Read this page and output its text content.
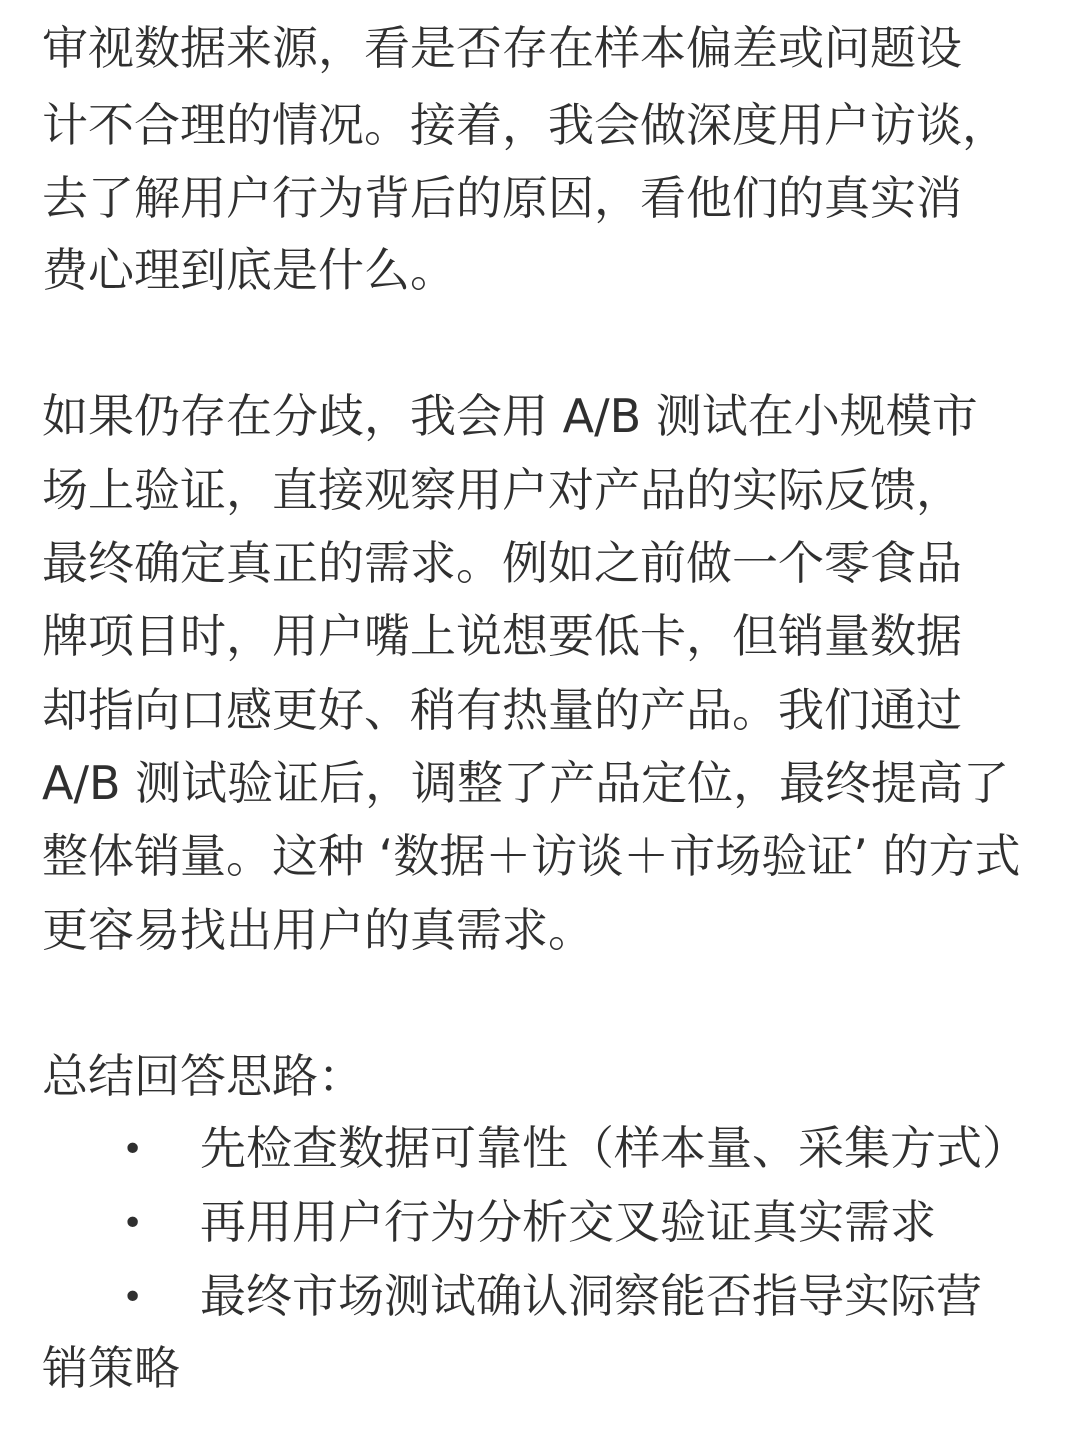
审视数据来源，看是否存在样本偏差或问题设

计不合理的情况。接着，我会做深度用户访谈，

去了解用户行为背后的原因，看他们的真实消

费心理到底是什么。

如果仍存在分歧，我会用 A/B 测试在小规模市

场上验证，直接观察用户对产品的实际反馈，

最终确定真正的需求。例如之前做一个零食品

牌项目时，用户嘴上说想要低卡，但销量数据

却指向口感更好、稍有热量的产品。我们通过

A/B 测试验证后，调整了产品定位，最终提高了

整体销量。这种 ‘数据＋访谈＋市场验证’ 的方式

更容易找出用户的真需求。

总结回答思路：

• 先检查数据可靠性（样本量、采集方式）

• 再用用户行为分析交叉验证真实需求

• 最终市场测试确认洞察能否指导实际营

销策略
